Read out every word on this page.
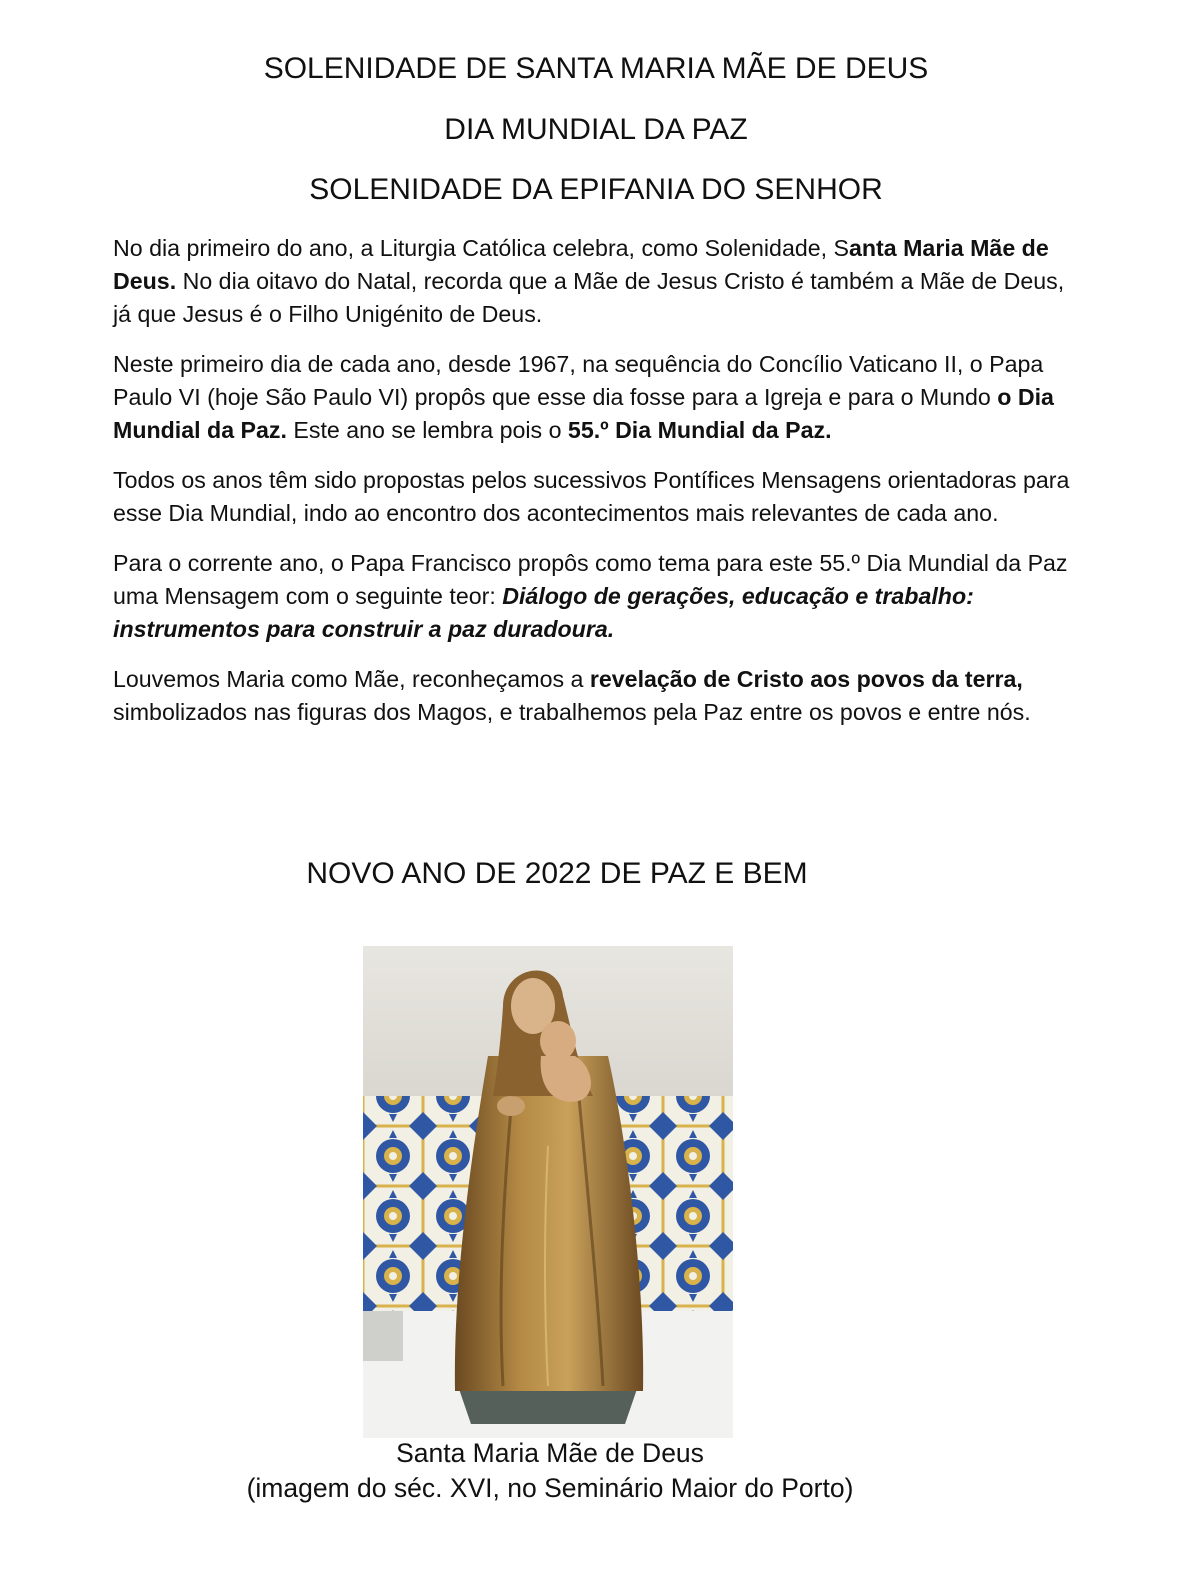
SOLENIDADE DE SANTA MARIA MÃE DE DEUS
DIA MUNDIAL DA PAZ
SOLENIDADE DA EPIFANIA DO SENHOR

No dia primeiro do ano, a Liturgia Católica celebra, como Solenidade, Santa Maria Mãe de Deus. No dia oitavo do Natal, recorda que a Mãe de Jesus Cristo é também a Mãe de Deus, já que Jesus é o Filho Unigénito de Deus.

Neste primeiro dia de cada ano, desde 1967, na sequência do Concílio Vaticano II, o Papa Paulo VI (hoje São Paulo VI) propôs que esse dia fosse para a Igreja e para o Mundo o Dia Mundial da Paz. Este ano se lembra pois o 55.º Dia Mundial da Paz.

Todos os anos têm sido propostas pelos sucessivos Pontífices Mensagens orientadoras para esse Dia Mundial, indo ao encontro dos acontecimentos mais relevantes de cada ano.

Para o corrente ano, o Papa Francisco propôs como tema para este 55.º Dia Mundial da Paz uma Mensagem com o seguinte teor: Diálogo de gerações, educação e trabalho: instrumentos para construir a paz duradoura.

Louvemos Maria como Mãe, reconheçamos a revelação de Cristo aos povos da terra, simbolizados nas figuras dos Magos, e trabalhemos pela Paz entre os povos e entre nós.

NOVO ANO DE 2022 DE PAZ E BEM

Santa Maria Mãe de Deus

(imagem do séc. XVI, no Seminário Maior do Porto)
